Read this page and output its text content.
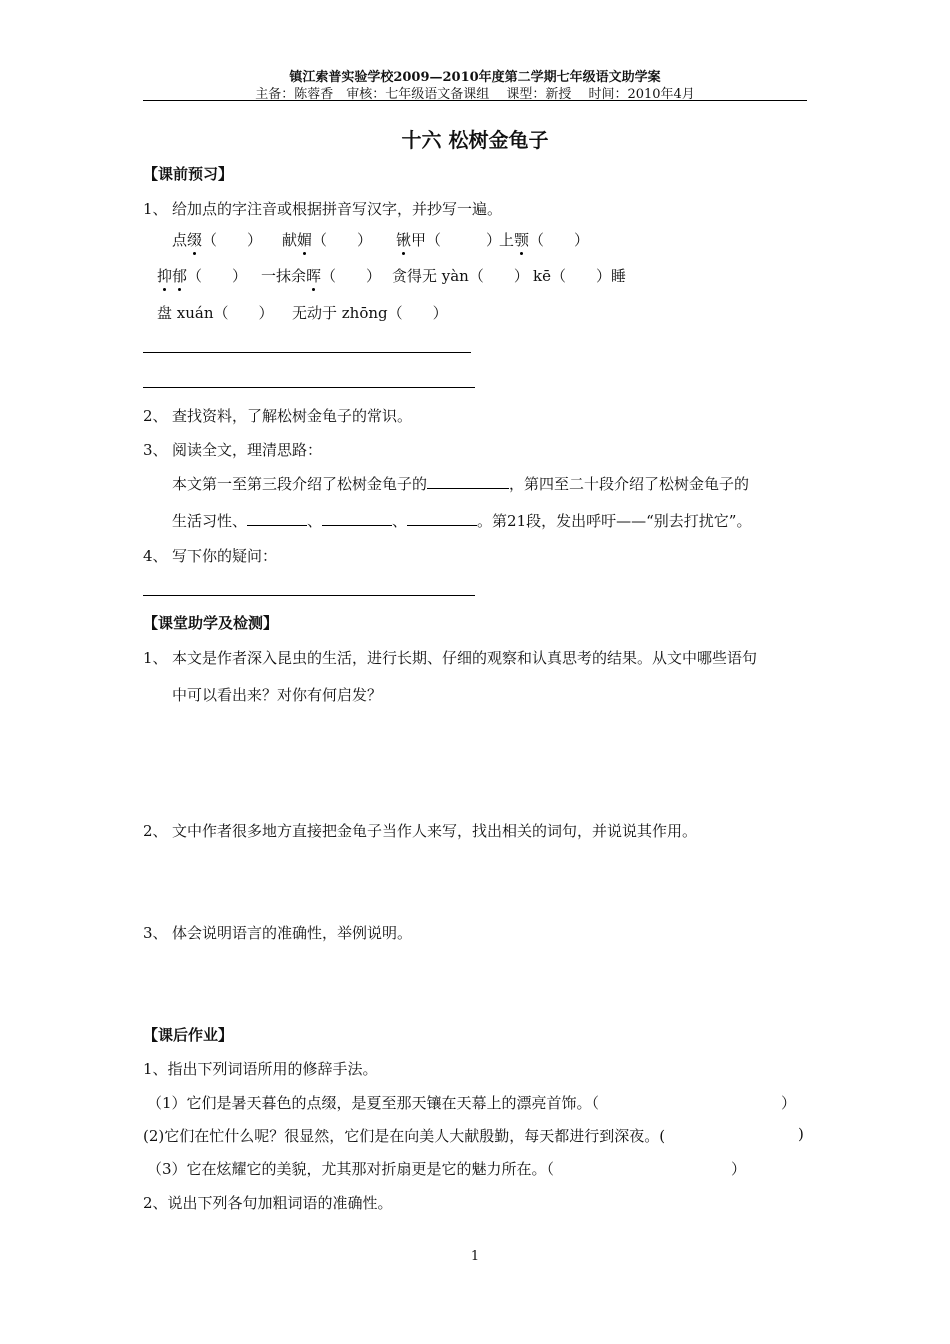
镇江索普实验学校2009—2010年度第二学期七年级语文助学案
主备：陈蓉香　审核：七年级语文备课组　 课型：新授　 时间：2010年4月
十六 松树金龟子
【课前预习】
1、 给加点的字注音或根据拼音写汉字，并抄写一遍。
点缀（　　） 献媚（　　） 锹甲（　　　）
上颚（　　）
抑郁（　　） 一抹余晖（　　） 贪得无 yàn（　　） kē（　　）睡
盘 xuán（　　） 无动于 zhōng（　　）
2、 查找资料，了解松树金龟子的常识。
3、 阅读全文，理清思路：
本文第一至第三段介绍了松树金龟子的	，第四至二十段介绍了松树金龟子的
生活习性、	、	、	。第21段，发出呼吁——“别去打扰它”。
4、 写下你的疑问：
【课堂助学及检测】
1、 本文是作者深入昆虫的生活，进行长期、仔细的观察和认真思考的结果。从文中哪些语句
中可以看出来？对你有何启发？
2、 文中作者很多地方直接把金龟子当作人来写，找出相关的词句，并说说其作用。
3、 体会说明语言的准确性，举例说明。
【课后作业】
1、指出下列词语所用的修辞手法。
（1）它们是暑天暮色的点缀，是夏至那天镶在天幕上的漂亮首饰。（	）
(2)它们在忙什么呢？很显然，它们是在向美人大献殷勤，每天都进行到深夜。(	)
（3）它在炫耀它的美貌，尤其那对折扇更是它的魅力所在。（	）
2、说出下列各句加粗词语的准确性。
1
